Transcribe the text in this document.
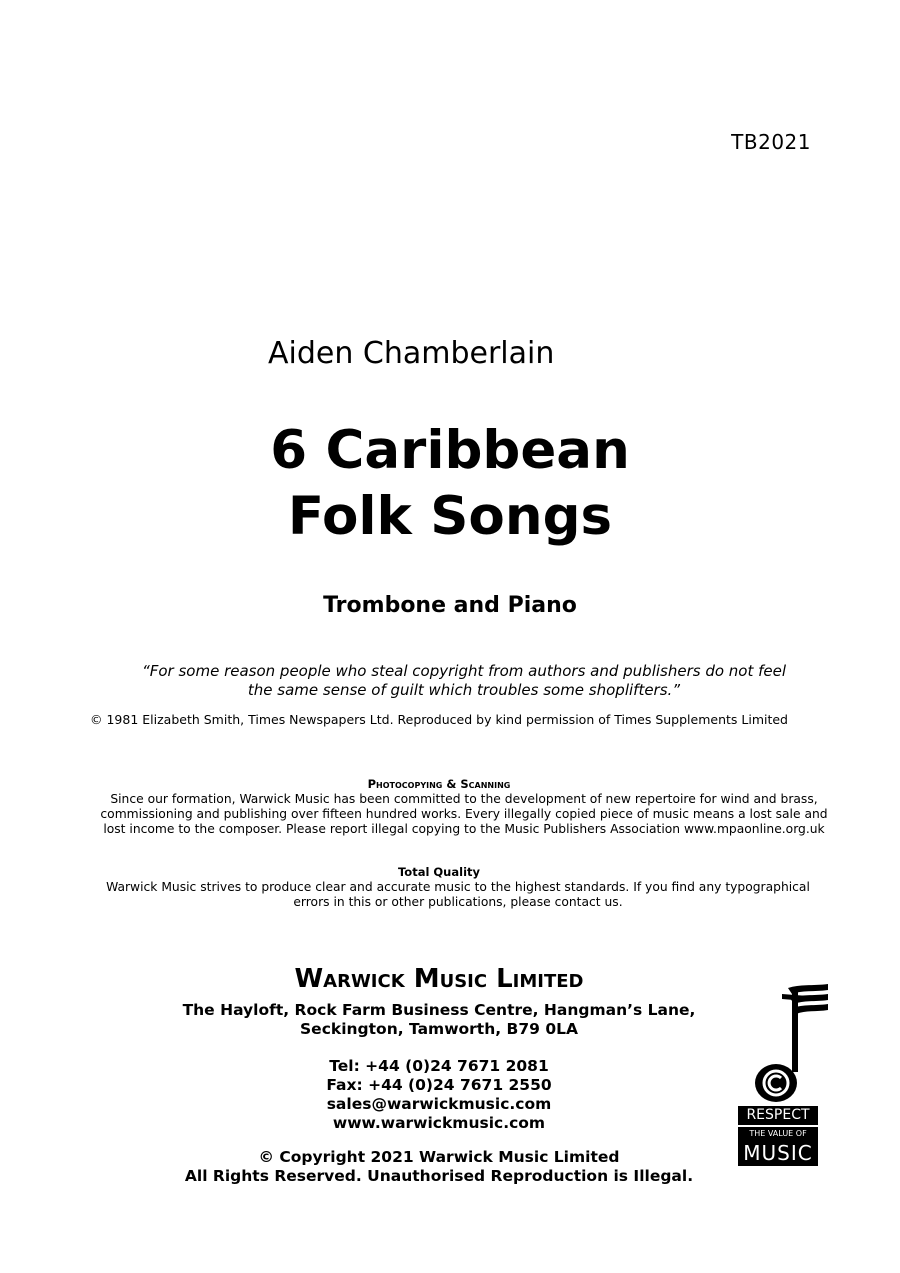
TB2021
Aiden Chamberlain
6 Caribbean
Folk Songs
Trombone and Piano
“For some reason people who steal copyright from authors and publishers do not feel
the same sense of guilt which troubles some shoplifters.”
© 1981 Elizabeth Smith, Times Newspapers Ltd. Reproduced by kind permission of Times Supplements Limited
Photocopying & Scanning
Since our formation, Warwick Music has been committed to the development of new repertoire for wind and brass,
commissioning and publishing over fifteen hundred works. Every illegally copied piece of music means a lost sale and
lost income to the composer. Please report illegal copying to the Music Publishers Association www.mpaonline.org.uk
Total Quality
Warwick Music strives to produce clear and accurate music to the highest standards. If you find any typographical
errors in this or other publications, please contact us.
Warwick Music Limited
The Hayloft, Rock Farm Business Centre, Hangman’s Lane,
Seckington, Tamworth, B79 0LA
Tel: +44 (0)24 7671 2081
Fax: +44 (0)24 7671 2550
sales@warwickmusic.com
www.warwickmusic.com
© Copyright 2021 Warwick Music Limited
All Rights Reserved. Unauthorised Reproduction is Illegal.
RESPECT
THE VALUE OF
MUSIC
